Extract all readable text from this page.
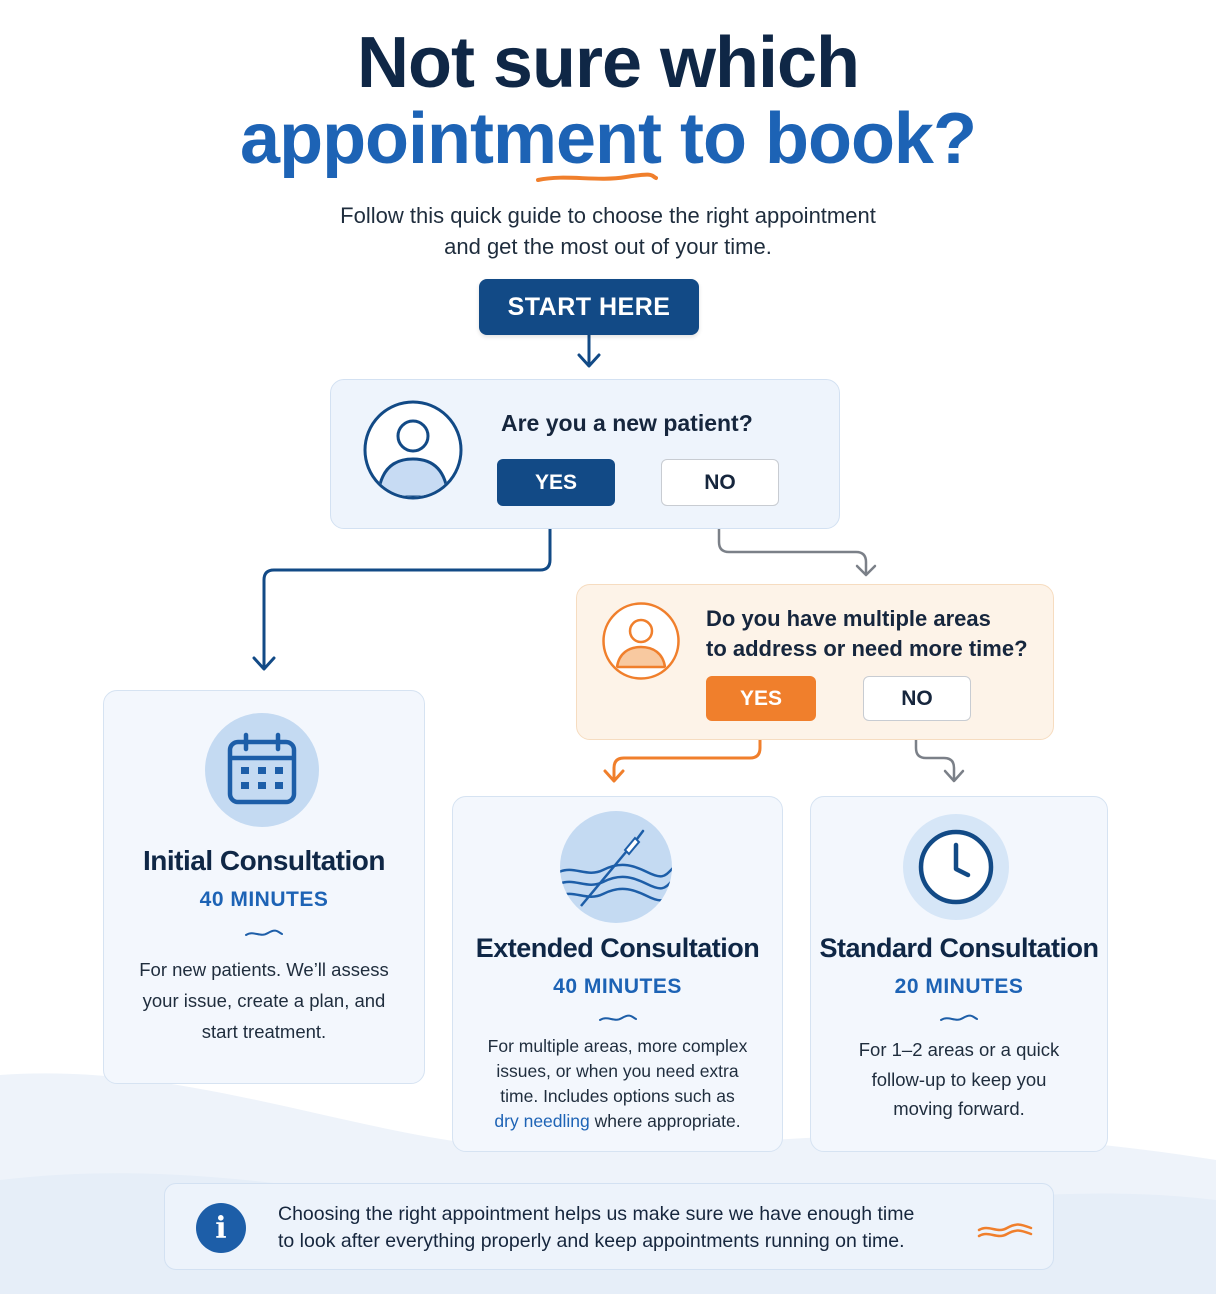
Not sure which
appointment to book?
Follow this quick guide to choose the right appointment
and get the most out of your time.
START HERE
Are you a new patient?
YES	NO
Do you have multiple areas
to address or need more time?
YES	NO
Initial Consultation
40 MINUTES
For new patients. We’ll assess
your issue, create a plan, and
start treatment.
Extended Consultation
40 MINUTES
For multiple areas, more complex
issues, or when you need extra
time. Includes options such as
dry needling where appropriate.
Standard Consultation
20 MINUTES
For 1–2 areas or a quick
follow-up to keep you
moving forward.
i	Choosing the right appointment helps us make sure we have enough time
to look after everything properly and keep appointments running on time.
